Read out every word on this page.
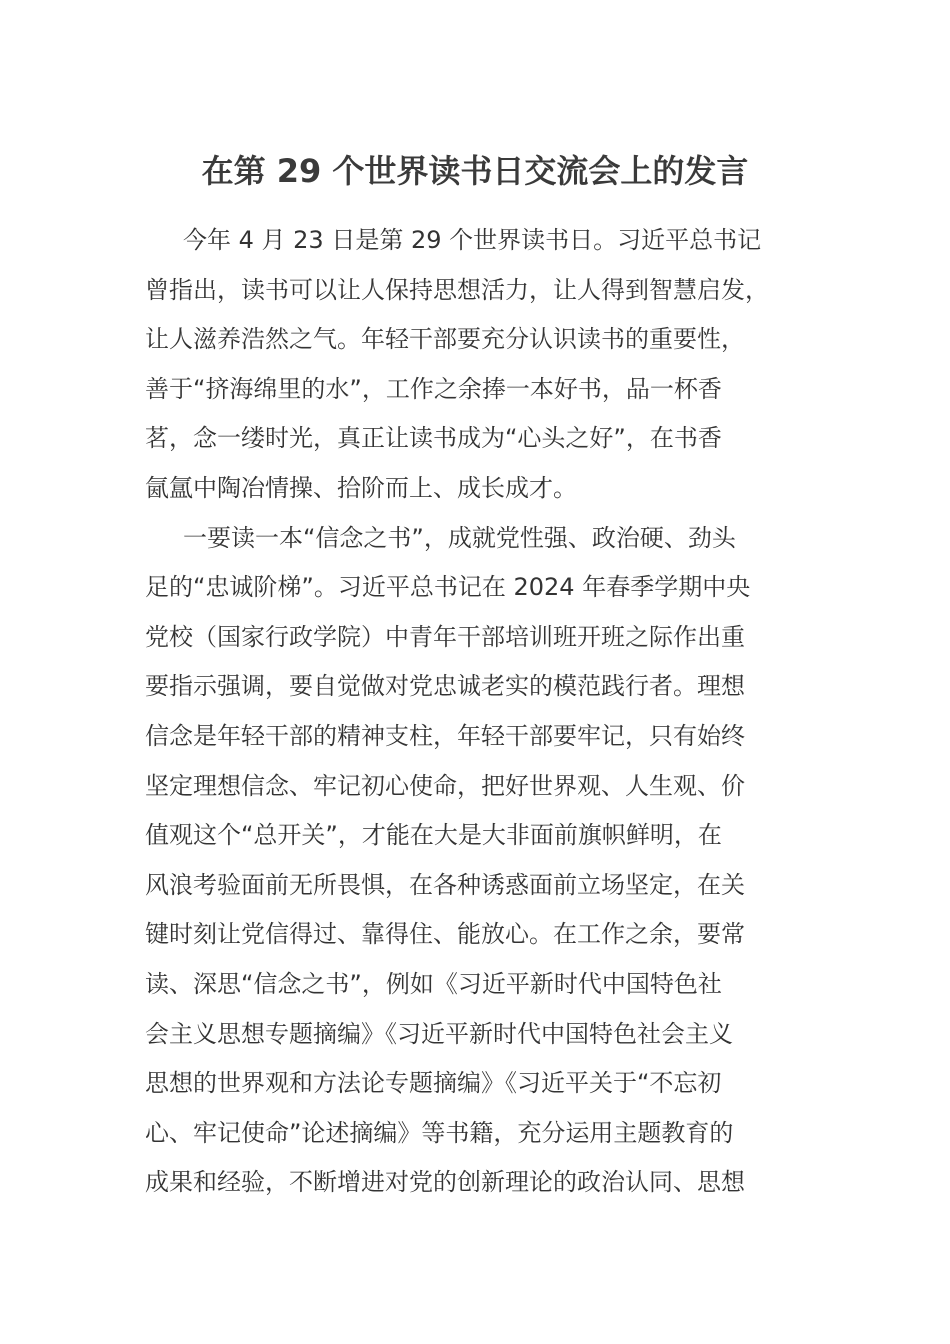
在第 29 个世界读书日交流会上的发言
今年 4 月 23 日是第 29 个世界读书日。习近平总书记
曾指出，读书可以让人保持思想活力，让人得到智慧启发，
让人滋养浩然之气。年轻干部要充分认识读书的重要性，
善于“挤海绵里的水”，工作之余捧一本好书，品一杯香
茗，念一缕时光，真正让读书成为“心头之好”，在书香
氤氲中陶冶情操、拾阶而上、成长成才。
一要读一本“信念之书”，成就党性强、政治硬、劲头
足的“忠诚阶梯”。习近平总书记在 2024 年春季学期中央
党校（国家行政学院）中青年干部培训班开班之际作出重
要指示强调，要自觉做对党忠诚老实的模范践行者。理想
信念是年轻干部的精神支柱，年轻干部要牢记，只有始终
坚定理想信念、牢记初心使命，把好世界观、人生观、价
值观这个“总开关”，才能在大是大非面前旗帜鲜明，在
风浪考验面前无所畏惧，在各种诱惑面前立场坚定，在关
键时刻让党信得过、靠得住、能放心。在工作之余，要常
读、深思“信念之书”，例如《习近平新时代中国特色社
会主义思想专题摘编》《习近平新时代中国特色社会主义
思想的世界观和方法论专题摘编》《习近平关于“不忘初
心、牢记使命”论述摘编》等书籍，充分运用主题教育的
成果和经验，不断增进对党的创新理论的政治认同、思想
